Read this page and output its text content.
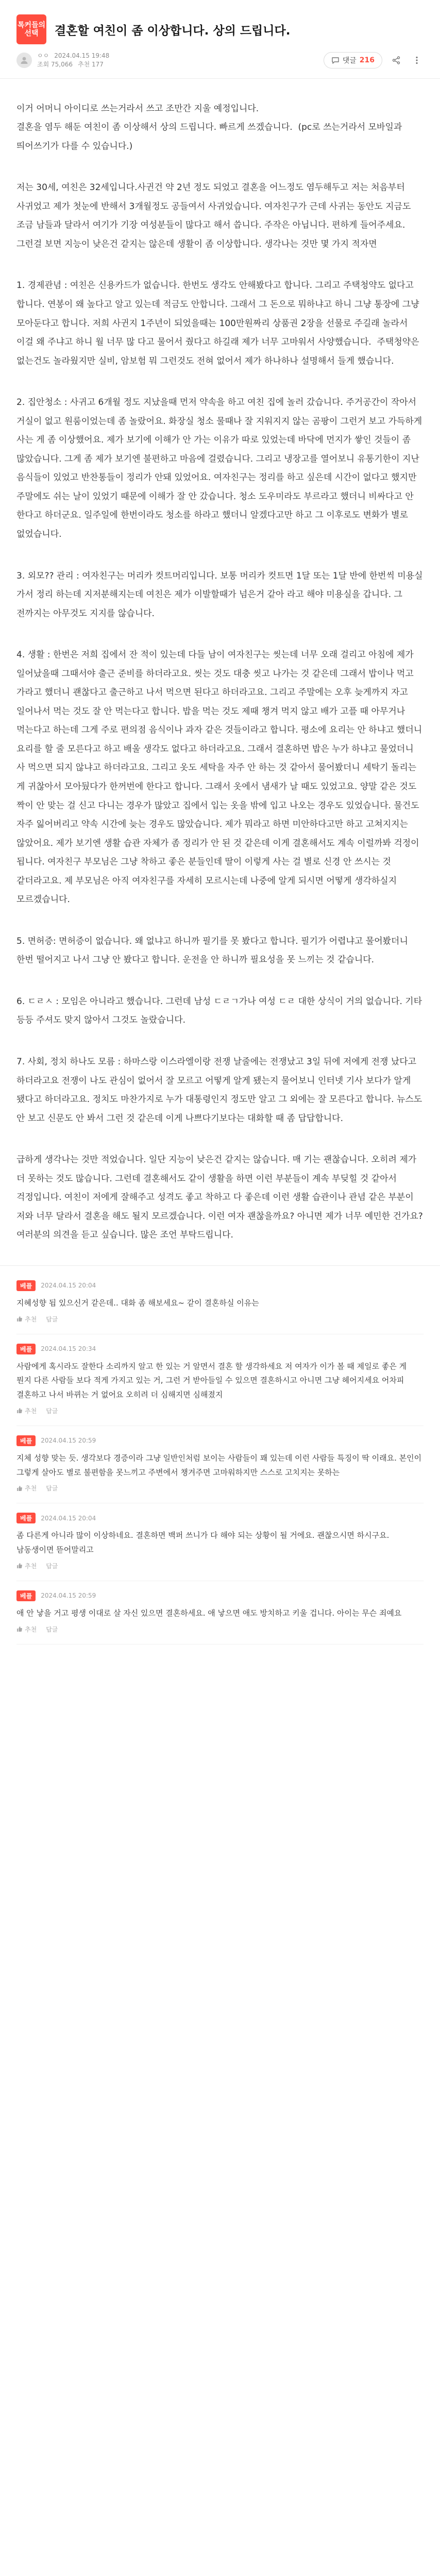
톡커들의
선택 결혼할 여친이 좀 이상합니다. 상의 드립니다.
ㅇㅇ 2024.04.15 19:48
조회 75,066 추천 177	댓글 216

이거 어머니 아이디로 쓰는거라서 쓰고 조만간 지울 예정입니다.
결혼을 염두 해둔 여친이 좀 이상해서 상의 드립니다. 빠르게 쓰겠습니다.  (pc로 쓰는거라서 모바일과 띄어쓰기가 다를 수 있습니다.)

저는 30세, 여친은 32세입니다.사귄건 약 2년 정도 되었고 결혼을 어느정도 염두해두고 저는 처음부터 사귀었고 제가 첫눈에 반해서 3개월정도 공들여서 사귀었습니다. 여자친구가 근데 사귀는 동안도 지금도 조금 남들과 달라서 여기가 기장 여성분들이 많다고 해서 씁니다. 주작은 아닙니다. 편하게 들어주세요. 그런걸 보면 지능이 낮은건 같지는 않은데 생활이 좀 이상합니다. 생각나는 것만 몇 가지 적자면

1. 경제관념 : 여친은 신용카드가 없습니다. 한번도 생각도 안해봤다고 합니다. 그리고 주택청약도 없다고 합니다. 연봉이 왜 높다고 알고 있는데 적금도 안합니다. 그래서 그 돈으로 뭐하냐고 하니 그냥 통장에 그냥 모아둔다고 합니다. 저희 사귄지 1주년이 되었을때는 100만원짜리 상품권 2장을 선물로 주길래 놀라서 이걸 왜 주냐고 하니 월 너무 많 다고 물어서 줬다고 하길래 제가 너무 고마워서 사양했습니다.  주택청약은 없는건도 놀라웠지만 실비, 암보험 뭐 그런것도 전혀 없어서 제가 하나하나 설명해서 들게 했습니다.

2. 집안청소 : 사귀고 6개월 정도 지났을때 먼저 약속을 하고 여친 집에 놀러 갔습니다. 주거공간이 작아서 거실이 없고 원룸이었는데 좀 놀랐어요. 화장실 청소 물때나 잘 지워지지 않는 곰팡이 그런거 보고 가득하게 사는 게 좀 이상했어요. 제가 보기에 이해가 안 가는 이유가 따로 있었는데 바닥에 먼지가 쌓인 것들이 좀 많았습니다. 그게 좀 제가 보기엔 불편하고 마음에 걸렸습니다. 그리고 냉장고를 열어보니 유통기한이 지난 음식들이 있었고 반찬통들이 정리가 안돼 있었어요. 여자친구는 정리를 하고 싶은데 시간이 없다고 했지만 주말에도 쉬는 날이 있었기 때문에 이해가 잘 안 갔습니다. 청소 도우미라도 부르라고 했더니 비싸다고 안 한다고 하더군요. 일주일에 한번이라도 청소를 하라고 했더니 알겠다고만 하고 그 이후로도 변화가 별로 없었습니다.

3. 외모?? 관리 : 여자친구는 머리카 컷트머리입니다. 보통 머리카 컷트면 1달 또는 1달 반에 한번씩 미용실 가서 정리 하는데 지저분해지는데 여친은 제가 이발할때가 넘은거 같아 라고 해야 미용실을 갑니다. 그 전까지는 아무것도 지지를 않습니다.

4. 생활 : 한번은 저희 집에서 잔 적이 있는데 다들 남이 여자친구는 씻는데 너무 오래 걸리고 아침에 제가 일어났을때 그때서야 출근 준비를 하더라고요. 씻는 것도 대충 씻고 나가는 것 같은데 그래서 밥이나 먹고 가라고 했더니 괜찮다고 출근하고 나서 먹으면 된다고 하더라고요. 그리고 주말에는 오후 늦게까지 자고 일어나서 먹는 것도 잘 안 먹는다고 합니다. 밥을 먹는 것도 제때 챙겨 먹지 않고 배가 고플 때 아무거나 먹는다고 하는데 그게 주로 편의점 음식이나 과자 같은 것들이라고 합니다. 평소에 요리는 안 하냐고 했더니 요리를 할 줄 모른다고 하고 배울 생각도 없다고 하더라고요. 그래서 결혼하면 밥은 누가 하냐고 물었더니 사 먹으면 되지 않냐고 하더라고요. 그리고 옷도 세탁을 자주 안 하는 것 같아서 물어봤더니 세탁기 돌리는 게 귀찮아서 모아뒀다가 한꺼번에 한다고 합니다. 그래서 옷에서 냄새가 날 때도 있었고요. 양말 같은 것도 짝이 안 맞는 걸 신고 다니는 경우가 많았고 집에서 입는 옷을 밖에 입고 나오는 경우도 있었습니다. 물건도 자주 잃어버리고 약속 시간에 늦는 경우도 많았습니다. 제가 뭐라고 하면 미안하다고만 하고 고쳐지지는 않았어요. 제가 보기엔 생활 습관 자체가 좀 정리가 안 된 것 같은데 이게 결혼해서도 계속 이럴까봐 걱정이 됩니다. 여자친구 부모님은 그냥 착하고 좋은 분들인데 딸이 이렇게 사는 걸 별로 신경 안 쓰시는 것 같더라고요. 제 부모님은 아직 여자친구를 자세히 모르시는데 나중에 알게 되시면 어떻게 생각하실지 모르겠습니다.

5. 면허증: 면허증이 없습니다. 왜 없냐고 하니까 필기를 못 봤다고 합니다. 필기가 어렵냐고 물어봤더니 한번 떨어지고 나서 그냥 안 봤다고 합니다. 운전을 안 하니까 필요성을 못 느끼는 것 같습니다.

6. ㄷㄹㅅ : 모임은 아니라고 했습니다. 그런데 남성 ㄷㄹㄱ가나 여성 ㄷㄹ 대한 상식이 거의 없습니다. 기타 등등 주셔도 맞지 않아서 그것도 놀랐습니다.

7. 사회, 정치 하나도 모름 : 하마스랑 이스라엘이랑 전쟁 날줄에는 전쟁났고 3일 뒤에 저에게 전쟁 났다고 하더라고요 전쟁이 나도 관심이 없어서 잘 모르고 어떻게 알게 됐는지 물어보니 인터넷 기사 보다가 알게 됐다고 하더라고요. 정치도 마찬가지로 누가 대통령인지 정도만 알고 그 외에는 잘 모른다고 합니다. 뉴스도 안 보고 신문도 안 봐서 그런 것 같은데 이게 나쁘다기보다는 대화할 때 좀 답답합니다.

급하게 생각나는 것만 적었습니다. 일단 지능이 낮은건 같지는 않습니다. 매 기는 괜찮습니다. 오히려 제가 더 못하는 것도 많습니다. 그런데 결혼해서도 같이 생활을 하면 이런 부분들이 계속 부딪힐 것 같아서 걱정입니다. 여친이 저에게 잘해주고 성격도 좋고 착하고 다 좋은데 이런 생활 습관이나 관념 같은 부분이 저와 너무 달라서 결혼을 해도 될지 모르겠습니다. 이런 여자 괜찮을까요? 아니면 제가 너무 예민한 건가요? 여러분의 의견을 듣고 싶습니다. 많은 조언 부탁드립니다.

베플	2024.04.15 20:04
지혜성향 됩 있으신거 같은데.. 대화 좀 해보세요~ 같이 결혼하실 이유는
추천 답글
베플	2024.04.15 20:34
사람에게 혹시라도 잘한다 소리까지 알고 한 있는 거 알면서 결혼 할 생각하세요 저 여자가 이가 볼 때 제일로 좋은 게 뭔지 다른 사람들 보다 적게 가지고 있는 거, 그런 거 받아들일 수 있으면 결혼하시고 아니면 그냥 헤어지세요 어차피 결혼하고 나서 바뀌는 거 없어요 오히려 더 심해지면 심해졌지
추천 답글
베플	2024.04.15 20:59
지체 성향 맞는 듯. 생각보다 경증이라 그냥 일반인처럼 보이는 사람들이 꽤 있는데 이런 사람들 특징이 딱 이래요. 본인이 그렇게 살아도 별로 불편함을 못느끼고 주변에서 챙겨주면 고마워하지만 스스로 고치지는 못하는
추천 답글
베플	2024.04.15 20:04
좀 다른게 아니라 많이 이상하네요. 결혼하면 백퍼 쓰니가 다 해야 되는 상황이 될 거에요. 괜찮으시면 하시구요. 남동생이면 뜯어말리고
추천 답글
베플	2024.04.15 20:59
애 안 낳을 거고 평생 이대로 살 자신 있으면 결혼하세요. 애 낳으면 애도 방치하고 키울 겁니다. 아이는 무슨 죄예요
추천 답글
